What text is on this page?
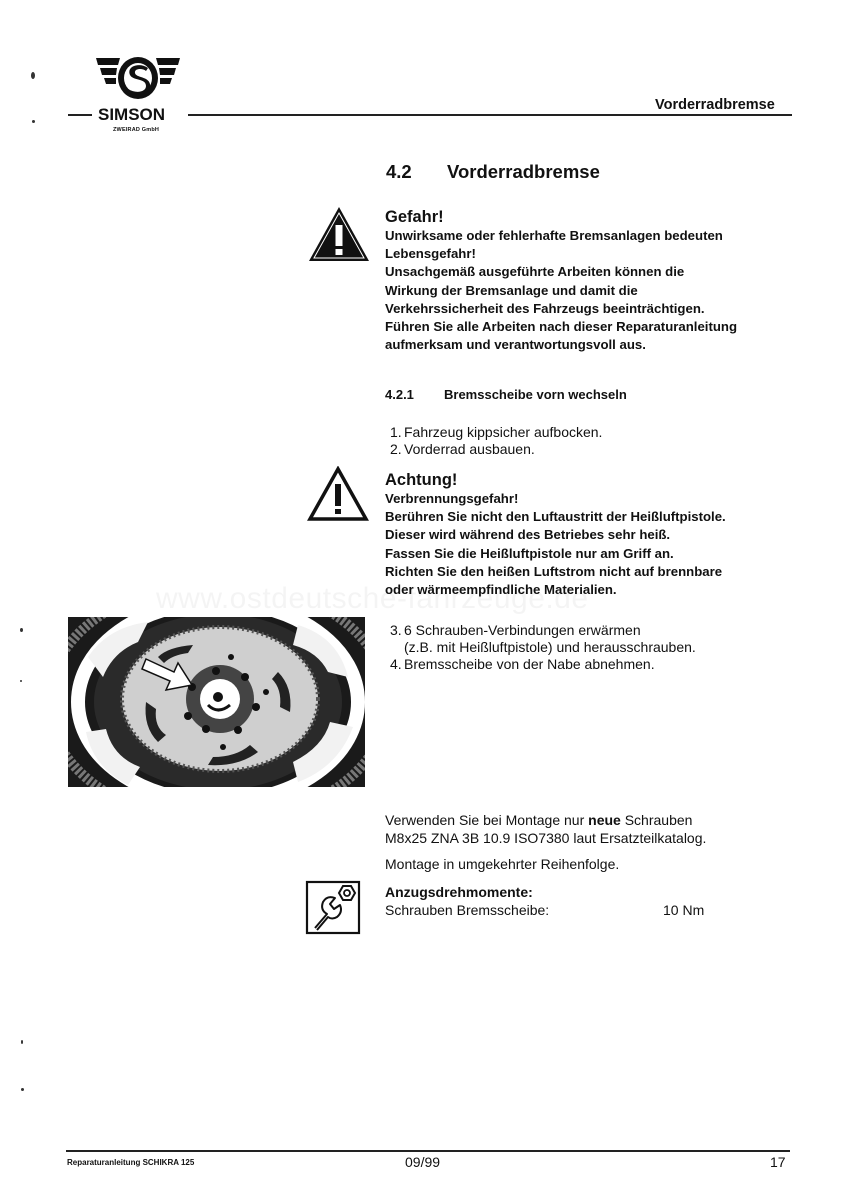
SIMSON
ZWEIRAD GmbH
Vorderradbremse
4.2 Vorderradbremse
Gefahr!
Unwirksame oder fehlerhafte Bremsanlagen bedeuten
Lebensgefahr!
Unsachgemäß ausgeführte Arbeiten können die
Wirkung der Bremsanlage und damit die
Verkehrssicherheit des Fahrzeugs beeinträchtigen.
Führen Sie alle Arbeiten nach dieser Reparaturanleitung
aufmerksam und verantwortungsvoll aus.
4.2.1 Bremsscheibe vorn wechseln
1. Fahrzeug kippsicher aufbocken.
2. Vorderrad ausbauen.
Achtung!
Verbrennungsgefahr!
Berühren Sie nicht den Luftaustritt der Heißluftpistole.
Dieser wird während des Betriebes sehr heiß.
Fassen Sie die Heißluftpistole nur am Griff an.
Richten Sie den heißen Luftstrom nicht auf brennbare
oder wärmeempfindliche Materialien.
3. 6 Schrauben-Verbindungen erwärmen
(z.B. mit Heißluftpistole) und herausschrauben.
4. Bremsscheibe von der Nabe abnehmen.
Verwenden Sie bei Montage nur neue Schrauben
M8x25 ZNA 3B 10.9 ISO7380 laut Ersatzteilkatalog.
Montage in umgekehrter Reihenfolge.
Anzugsdrehmomente:
Schrauben Bremsscheibe:	10 Nm
Reparaturanleitung SCHIKRA 125	09/99	17
